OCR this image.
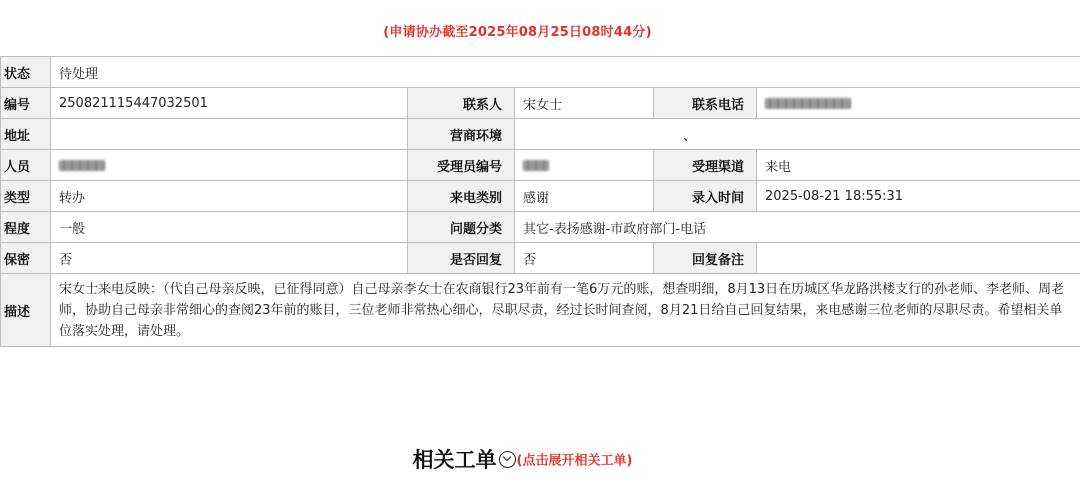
(申请协办截至2025年08月25日08时44分)
状态	待处理				
编号	250821115447032501	联系人	宋女士	联系电话	
地址		营商环境	、		
人员		受理员编号		受理渠道	来电
类型	转办	来电类别	感谢	录入时间	2025-08-21 18:55:31
程度	一般	问题分类	其它-表扬感谢-市政府部门-电话		
保密	否	是否回复	否	回复备注	
描述	宋女士来电反映：（代自己母亲反映，已征得同意）自己母亲李女士在农商银行23年前有一笔6万元的账，想查明细，8月13日在历城区华龙路洪楼支行的孙老师、李老师、周老师，协助自己母亲非常细心的查阅23年前的账目，三位老师非常热心细心，尽职尽责，经过长时间查阅，8月21日给自己回复结果，来电感谢三位老师的尽职尽责。希望相关单位落实处理，请处理。				
相关工单 (点击展开相关工单)
